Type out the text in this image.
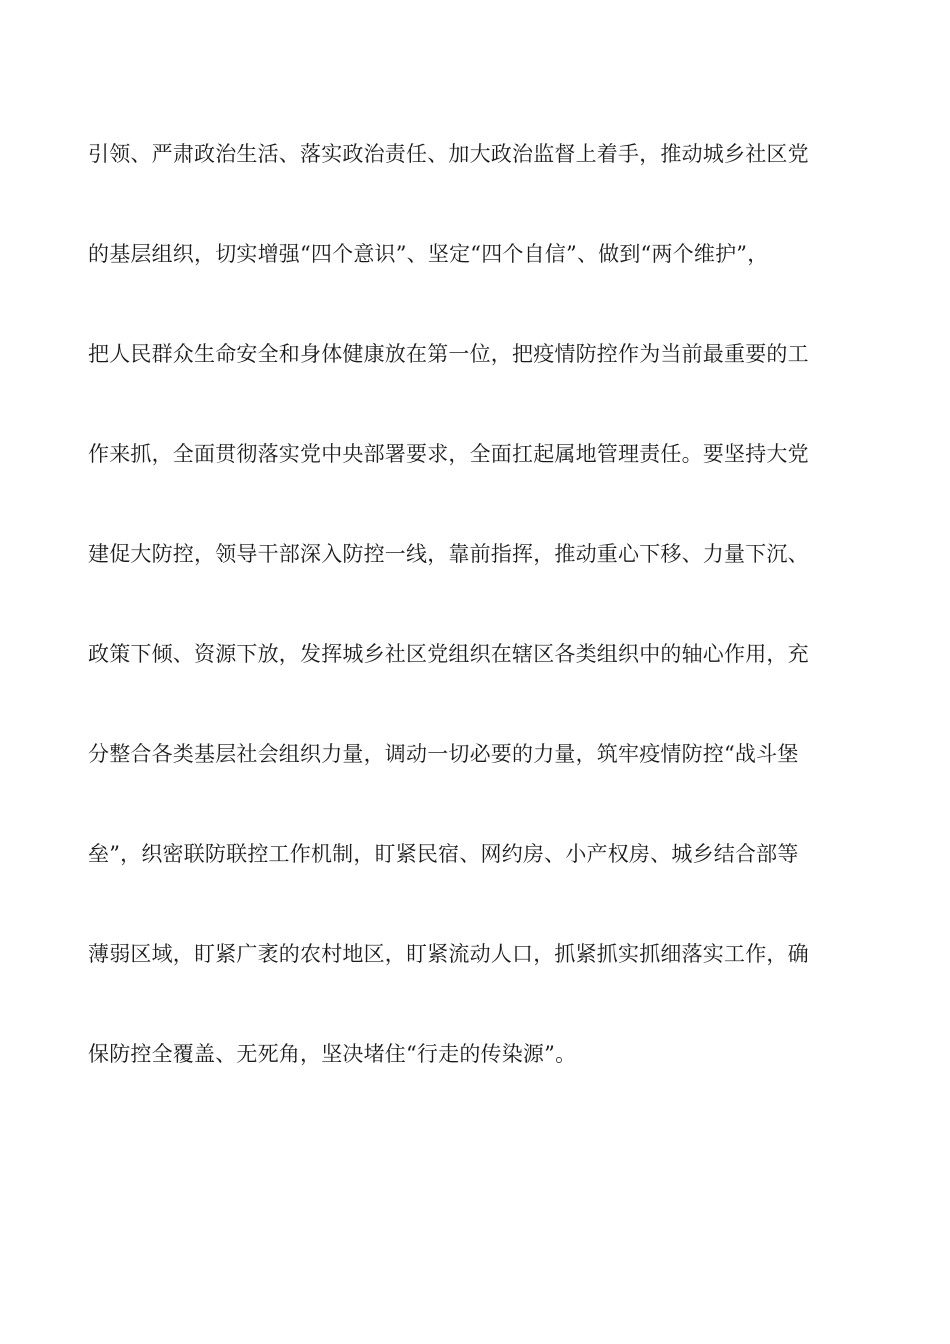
引领、严肃政治生活、落实政治责任、加大政治监督上着手，推动城乡社区党
的基层组织，切实增强“四个意识”、坚定“四个自信”、做到“两个维护”，
把人民群众生命安全和身体健康放在第一位，把疫情防控作为当前最重要的工
作来抓，全面贯彻落实党中央部署要求，全面扛起属地管理责任。要坚持大党
建促大防控，领导干部深入防控一线，靠前指挥，推动重心下移、力量下沉、
政策下倾、资源下放，发挥城乡社区党组织在辖区各类组织中的轴心作用，充
分整合各类基层社会组织力量，调动一切必要的力量，筑牢疫情防控“战斗堡
垒”，织密联防联控工作机制，盯紧民宿、网约房、小产权房、城乡结合部等
薄弱区域，盯紧广袤的农村地区，盯紧流动人口，抓紧抓实抓细落实工作，确
保防控全覆盖、无死角，坚决堵住“行走的传染源”。
